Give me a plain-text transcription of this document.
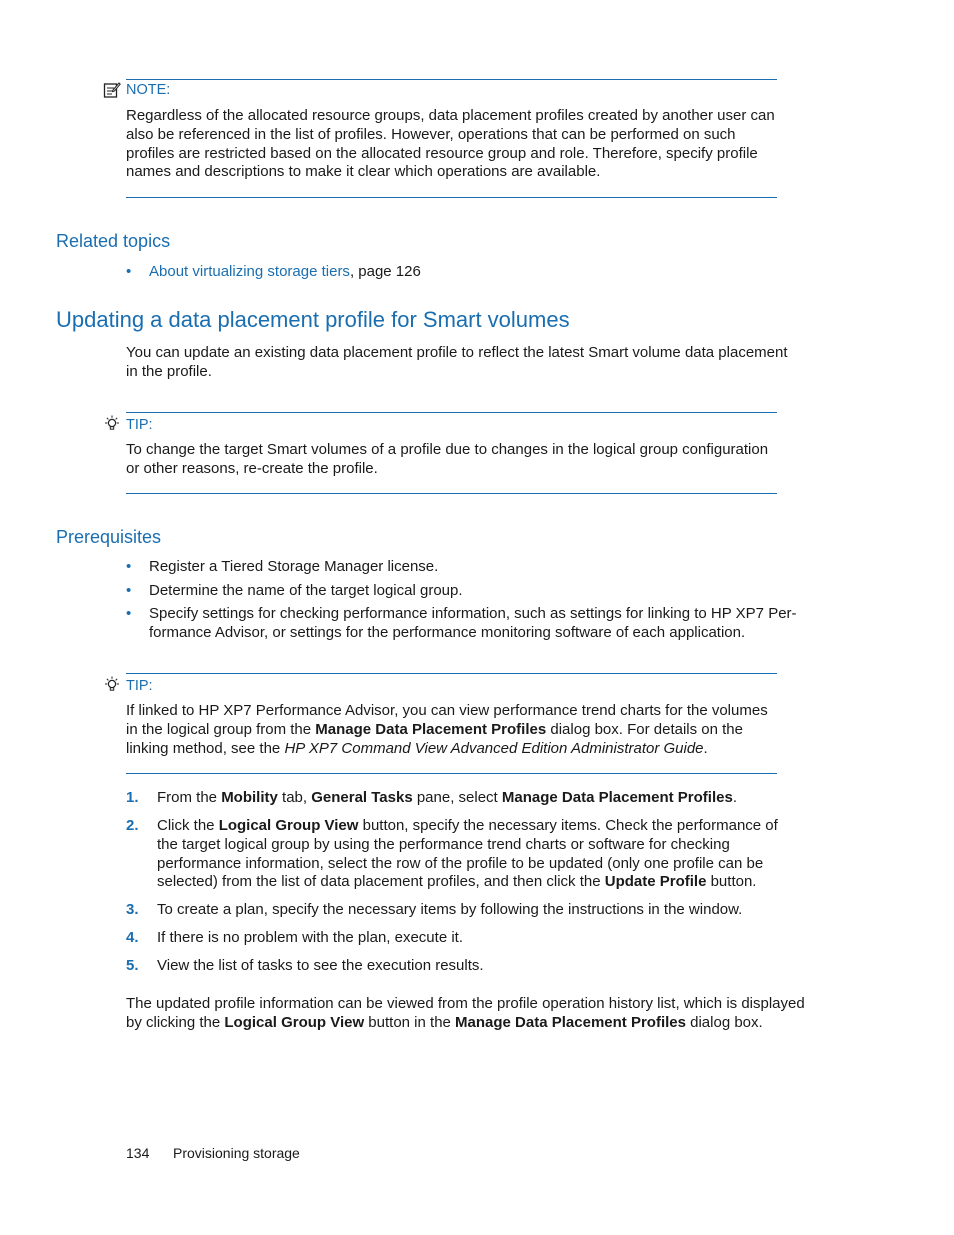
NOTE:
Regardless of the allocated resource groups, data placement profiles created by another user can also be referenced in the list of profiles. However, operations that can be performed on such profiles are restricted based on the allocated resource group and role. Therefore, specify profile names and descriptions to make it clear which operations are available.
Related topics
• About virtualizing storage tiers, page 126
Updating a data placement profile for Smart volumes
You can update an existing data placement profile to reflect the latest Smart volume data placement in the profile.
TIP:
To change the target Smart volumes of a profile due to changes in the logical group configuration or other reasons, re-create the profile.
Prerequisites
• Register a Tiered Storage Manager license.
• Determine the name of the target logical group.
• Specify settings for checking performance information, such as settings for linking to HP XP7 Per- formance Advisor, or settings for the performance monitoring software of each application.
TIP:
If linked to HP XP7 Performance Advisor, you can view performance trend charts for the volumes in the logical group from the Manage Data Placement Profiles dialog box. For details on the linking method, see the HP XP7 Command View Advanced Edition Administrator Guide.
1. From the Mobility tab, General Tasks pane, select Manage Data Placement Profiles.
2. Click the Logical Group View button, specify the necessary items. Check the performance of the target logical group by using the performance trend charts or software for checking performance information, select the row of the profile to be updated (only one profile can be selected) from the list of data placement profiles, and then click the Update Profile button.
3. To create a plan, specify the necessary items by following the instructions in the window.
4. If there is no problem with the plan, execute it.
5. View the list of tasks to see the execution results.
The updated profile information can be viewed from the profile operation history list, which is displayed by clicking the Logical Group View button in the Manage Data Placement Profiles dialog box.
134 Provisioning storage
